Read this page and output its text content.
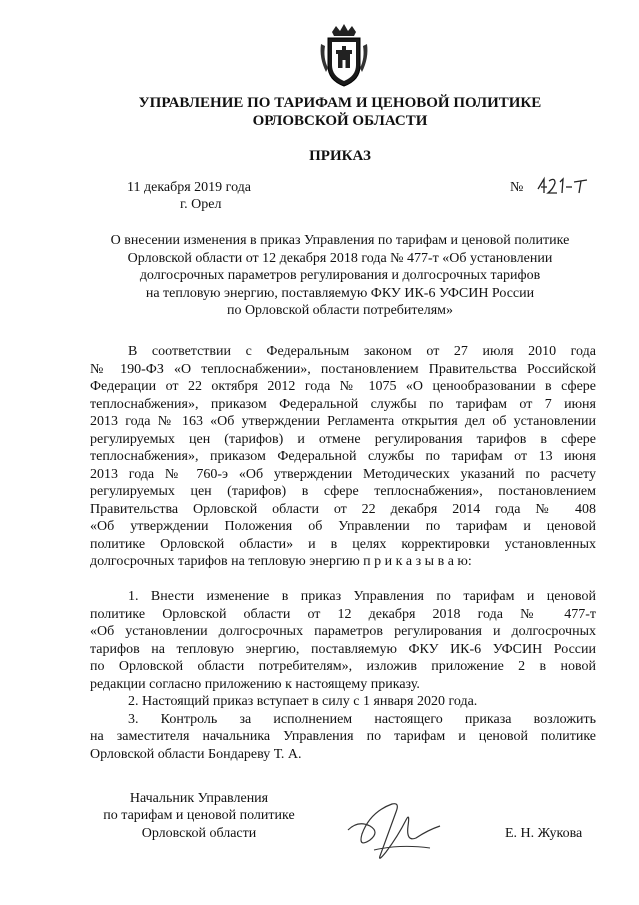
УПРАВЛЕНИЕ ПО ТАРИФАМ И ЦЕНОВОЙ ПОЛИТИКЕ
ОРЛОВСКОЙ ОБЛАСТИ
ПРИКАЗ
11 декабря 2019 года
г. Орел
№
О внесении изменения в приказ Управления по тарифам и ценовой политике
Орловской области от 12 декабря 2018 года № 477-т «Об установлении
долгосрочных параметров регулирования и долгосрочных тарифов
на тепловую энергию, поставляемую ФКУ ИК-6 УФСИН России
по Орловской области потребителям»
В соответствии с Федеральным законом от 27 июля 2010 года
№ 190-ФЗ «О теплоснабжении», постановлением Правительства Российской
Федерации от 22 октября 2012 года № 1075 «О ценообразовании в сфере
теплоснабжения», приказом Федеральной службы по тарифам от 7 июня
2013 года № 163 «Об утверждении Регламента открытия дел об установлении
регулируемых цен (тарифов) и отмене регулирования тарифов в сфере
теплоснабжения», приказом Федеральной службы по тарифам от 13 июня
2013 года № 760-э «Об утверждении Методических указаний по расчету
регулируемых цен (тарифов) в сфере теплоснабжения», постановлением
Правительства Орловской области от 22 декабря 2014 года № 408
«Об утверждении Положения об Управлении по тарифам и ценовой
политике Орловской области» и в целях корректировки установленных
долгосрочных тарифов на тепловую энергию п р и к а з ы в а ю:
1. Внести изменение в приказ Управления по тарифам и ценовой
политике Орловской области от 12 декабря 2018 года № 477-т
«Об установлении долгосрочных параметров регулирования и долгосрочных
тарифов на тепловую энергию, поставляемую ФКУ ИК-6 УФСИН России
по Орловской области потребителям», изложив приложение 2 в новой
редакции согласно приложению к настоящему приказу.
2. Настоящий приказ вступает в силу с 1 января 2020 года.
3. Контроль за исполнением настоящего приказа возложить
на заместителя начальника Управления по тарифам и ценовой политике
Орловской области Бондареву Т. А.
Начальник Управления
по тарифам и ценовой политике
Орловской области	Е. Н. Жукова
